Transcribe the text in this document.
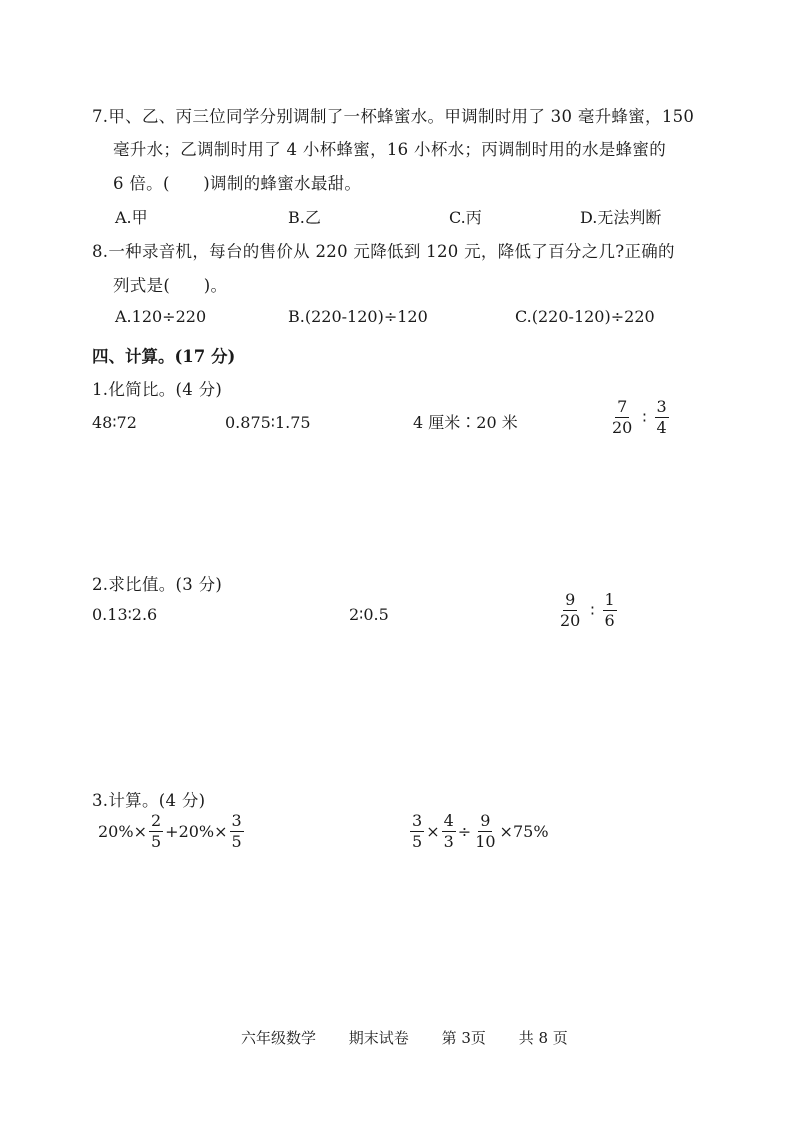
7.甲、乙、丙三位同学分别调制了一杯蜂蜜水。甲调制时用了 30 毫升蜂蜜，150
毫升水；乙调制时用了 4 小杯蜂蜜，16 小杯水；丙调制时用的水是蜂蜜的
6 倍。(　　)调制的蜂蜜水最甜。
A.甲	B.乙	C.丙	D.无法判断
8.一种录音机，每台的售价从 220 元降低到 120 元，降低了百分之几?正确的
列式是(　　)。
A.120÷220	B.(220-120)÷120	C.(220-120)÷220
四、计算。(17 分)
1.化简比。(4 分)
48∶72	0.875∶1.75	4 厘米∶20 米	$\frac{7}{20}$ ∶ $\frac{3}{4}$
2.求比值。(3 分)
0.13∶2.6	2∶0.5	$\frac{9}{20}$ ∶ $\frac{1}{6}$
3.计算。(4 分)
$20\%\times \frac{2}{5} +20\%\times \frac{3}{5}$	$\frac{3}{5} \times \frac{4}{3} \div \frac{9}{10} \times 75\%$
六年级数学 期末试卷 第 3页 共 8 页
